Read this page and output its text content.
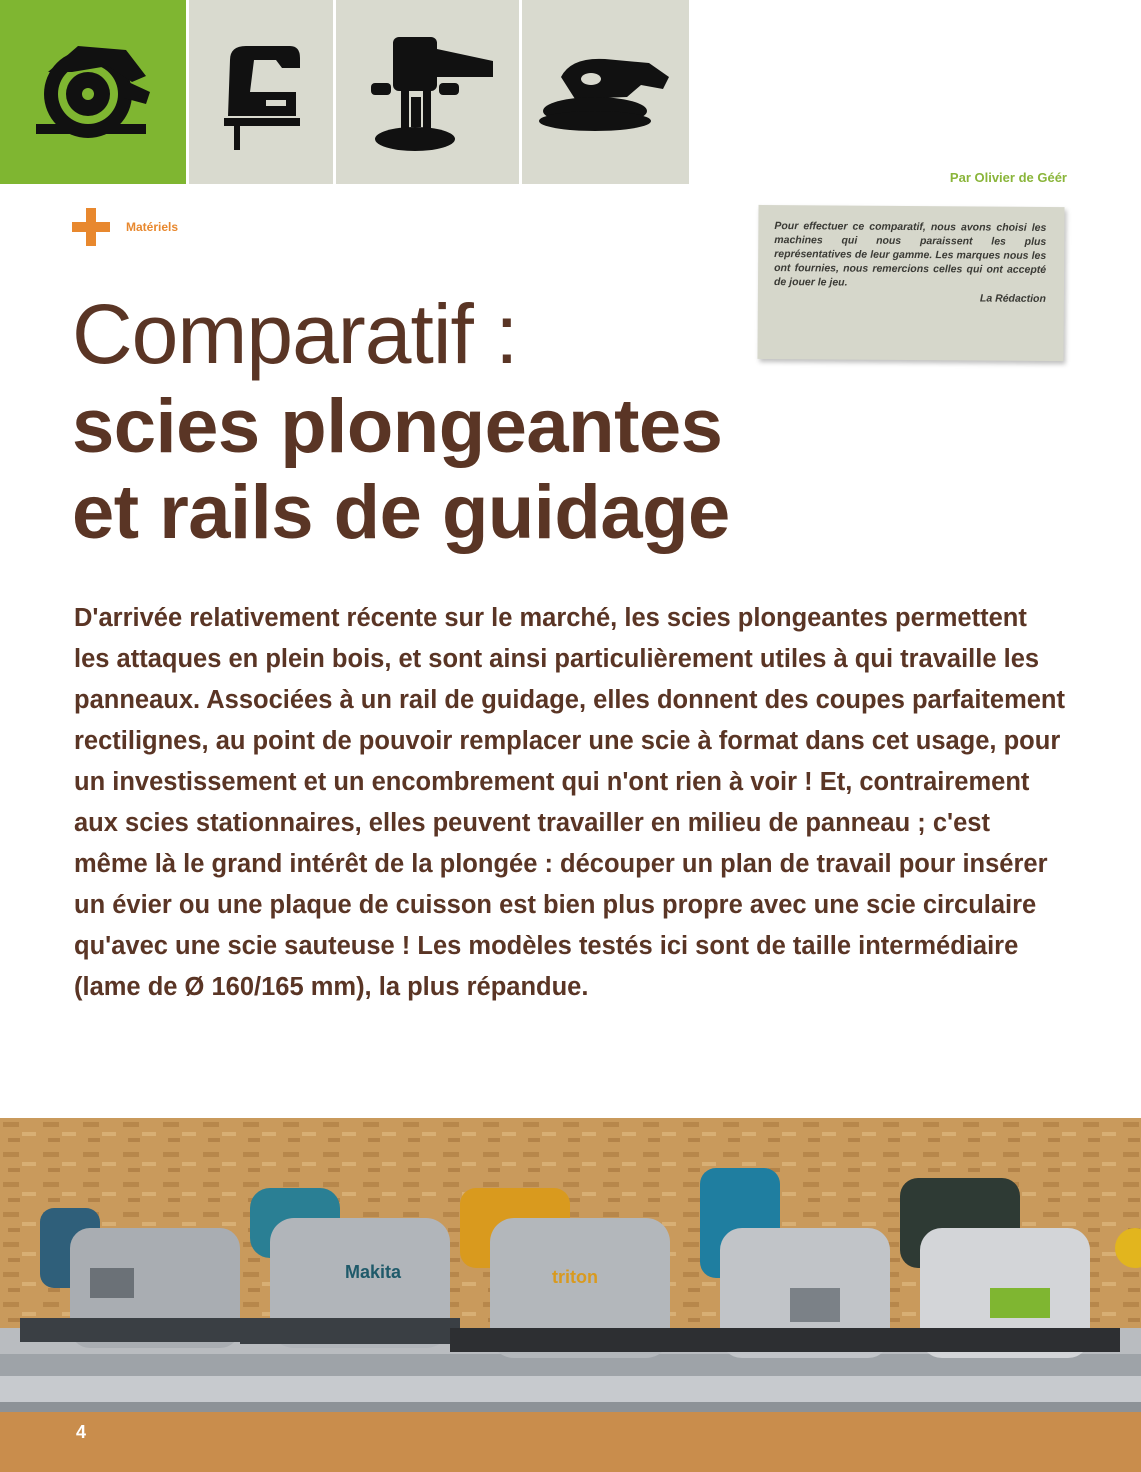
Par Olivier de Géér
Matériels	Pour effectuer ce comparatif, nous avons choisi les machines qui nous paraissent les plus représentatives de leur gamme. Les marques nous les ont fournies, nous remercions celles qui ont accepté de jouer le jeu.
La Rédaction
Comparatif :
scies plongeantes
et rails de guidage
D'arrivée relativement récente sur le marché, les scies plongeantes permettent les attaques en plein bois, et sont ainsi particulièrement utiles à qui travaille les panneaux. Associées à un rail de guidage, elles donnent des coupes parfaitement rectilignes, au point de pouvoir remplacer une scie à format dans cet usage, pour un investissement et un encombrement qui n'ont rien à voir ! Et, contrairement aux scies stationnaires, elles peuvent travailler en milieu de panneau ; c'est même là le grand intérêt de la plongée : découper un plan de travail pour insérer un évier ou une plaque de cuisson est bien plus propre avec une scie circulaire qu'avec une scie sauteuse ! Les modèles testés ici sont de taille intermédiaire (lame de Ø 160/165 mm), la plus répandue.
Makita	triton
4
